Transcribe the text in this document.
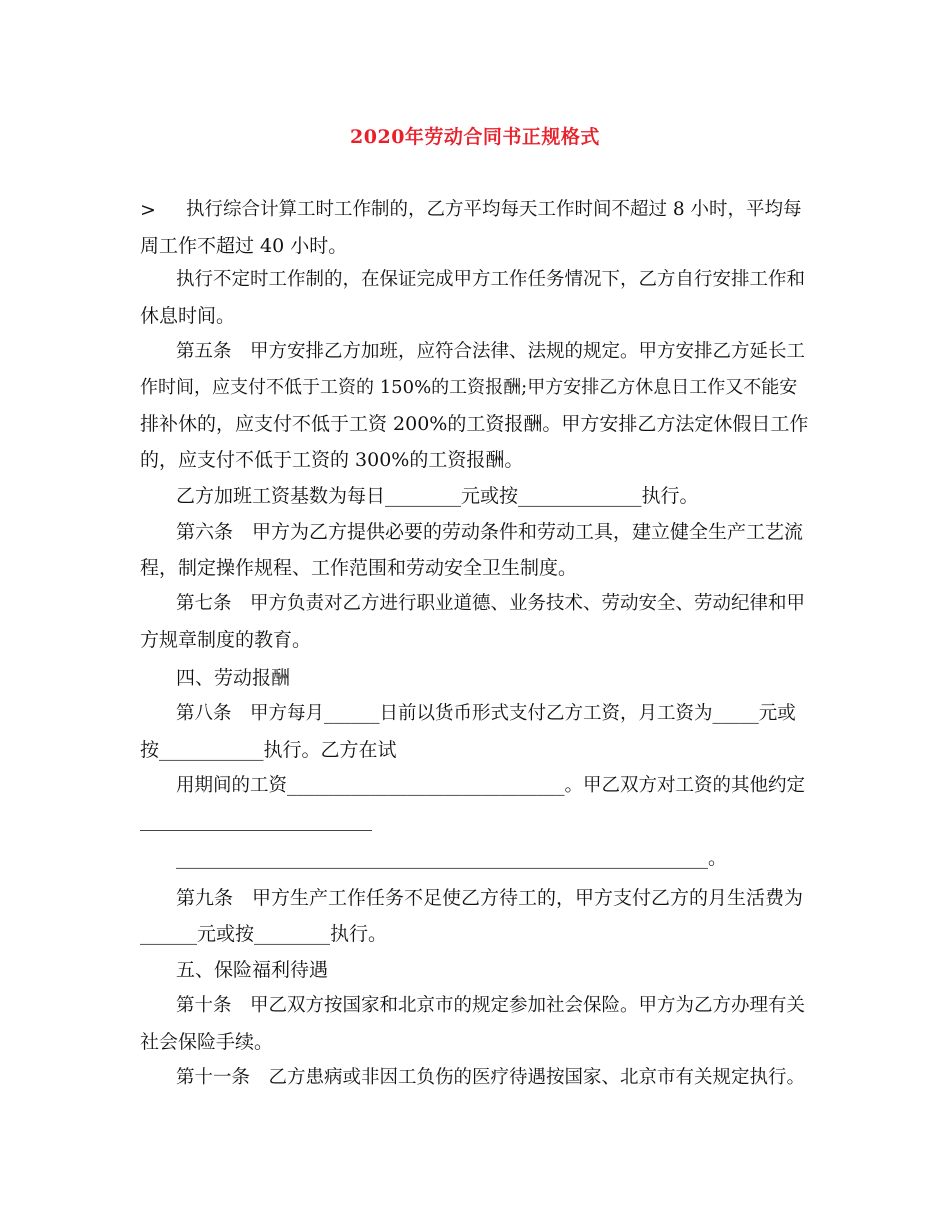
2020年劳动合同书正规格式
> 执行综合计算工时工作制的，乙方平均每天工作时间不超过 8 小时，平均每
周工作不超过 40 小时。
执行不定时工作制的，在保证完成甲方工作任务情况下，乙方自行安排工作和
休息时间。
第五条　甲方安排乙方加班，应符合法律、法规的规定。甲方安排乙方延长工
作时间，应支付不低于工资的 150%的工资报酬;甲方安排乙方休息日工作又不能安
排补休的，应支付不低于工资 200%的工资报酬。甲方安排乙方法定休假日工作
的，应支付不低于工资的 300%的工资报酬。
乙方加班工资基数为每日________元或按_____________执行。
第六条　甲方为乙方提供必要的劳动条件和劳动工具，建立健全生产工艺流
程，制定操作规程、工作范围和劳动安全卫生制度。
第七条　甲方负责对乙方进行职业道德、业务技术、劳动安全、劳动纪律和甲
方规章制度的教育。
四、劳动报酬
第八条　甲方每月______日前以货币形式支付乙方工资，月工资为_____元或
按___________执行。乙方在试
用期间的工资______________________________。甲乙双方对工资的其他约定
________________________________________________________。
第九条　甲方生产工作任务不足使乙方待工的，甲方支付乙方的月生活费为
______元或按________执行。
五、保险福利待遇
第十条　甲乙双方按国家和北京市的规定参加社会保险。甲方为乙方办理有关
社会保险手续。
第十一条　乙方患病或非因工负伤的医疗待遇按国家、北京市有关规定执行。
